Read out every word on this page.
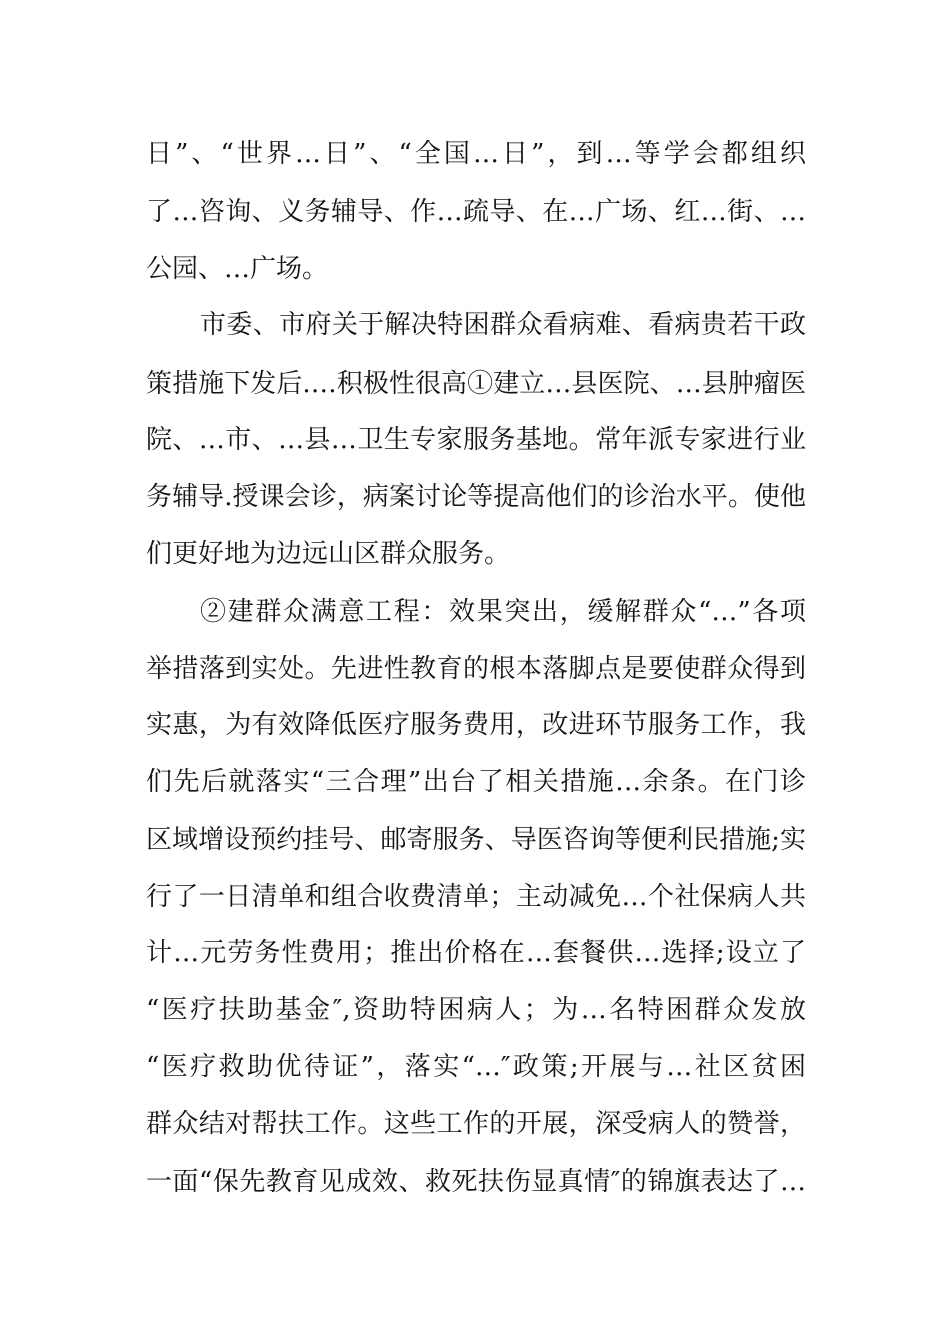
日”、“世界…日”、“全国…日”，到…等学会都组织
了…咨询、义务辅导、作…疏导、在…广场、红…街、…
公园、…广场。
市委、市府关于解决特困群众看病难、看病贵若干政
策措施下发后.…积极性很高①建立…县医院、…县肿瘤医
院、…市、…县…卫生专家服务基地。常年派专家进行业
务辅导.授课会诊，病案讨论等提高他们的诊治水平。使他
们更好地为边远山区群众服务。
②建群众满意工程：效果突出，缓解群众“…”各项
举措落到实处。先进性教育的根本落脚点是要使群众得到
实惠，为有效降低医疗服务费用，改进环节服务工作，我
们先后就落实“三合理”出台了相关措施…余条。在门诊
区域增设预约挂号、邮寄服务、导医咨询等便利民措施;实
行了一日清单和组合收费清单；主动减免…个社保病人共
计…元劳务性费用；推出价格在…套餐供…选择;设立了
“医疗扶助基金″,资助特困病人；为…名特困群众发放
“医疗救助优待证”，落实“…″政策;开展与…社区贫困
群众结对帮扶工作。这些工作的开展，深受病人的赞誉，
一面“保先教育见成效、救死扶伤显真情″的锦旗表达了…
